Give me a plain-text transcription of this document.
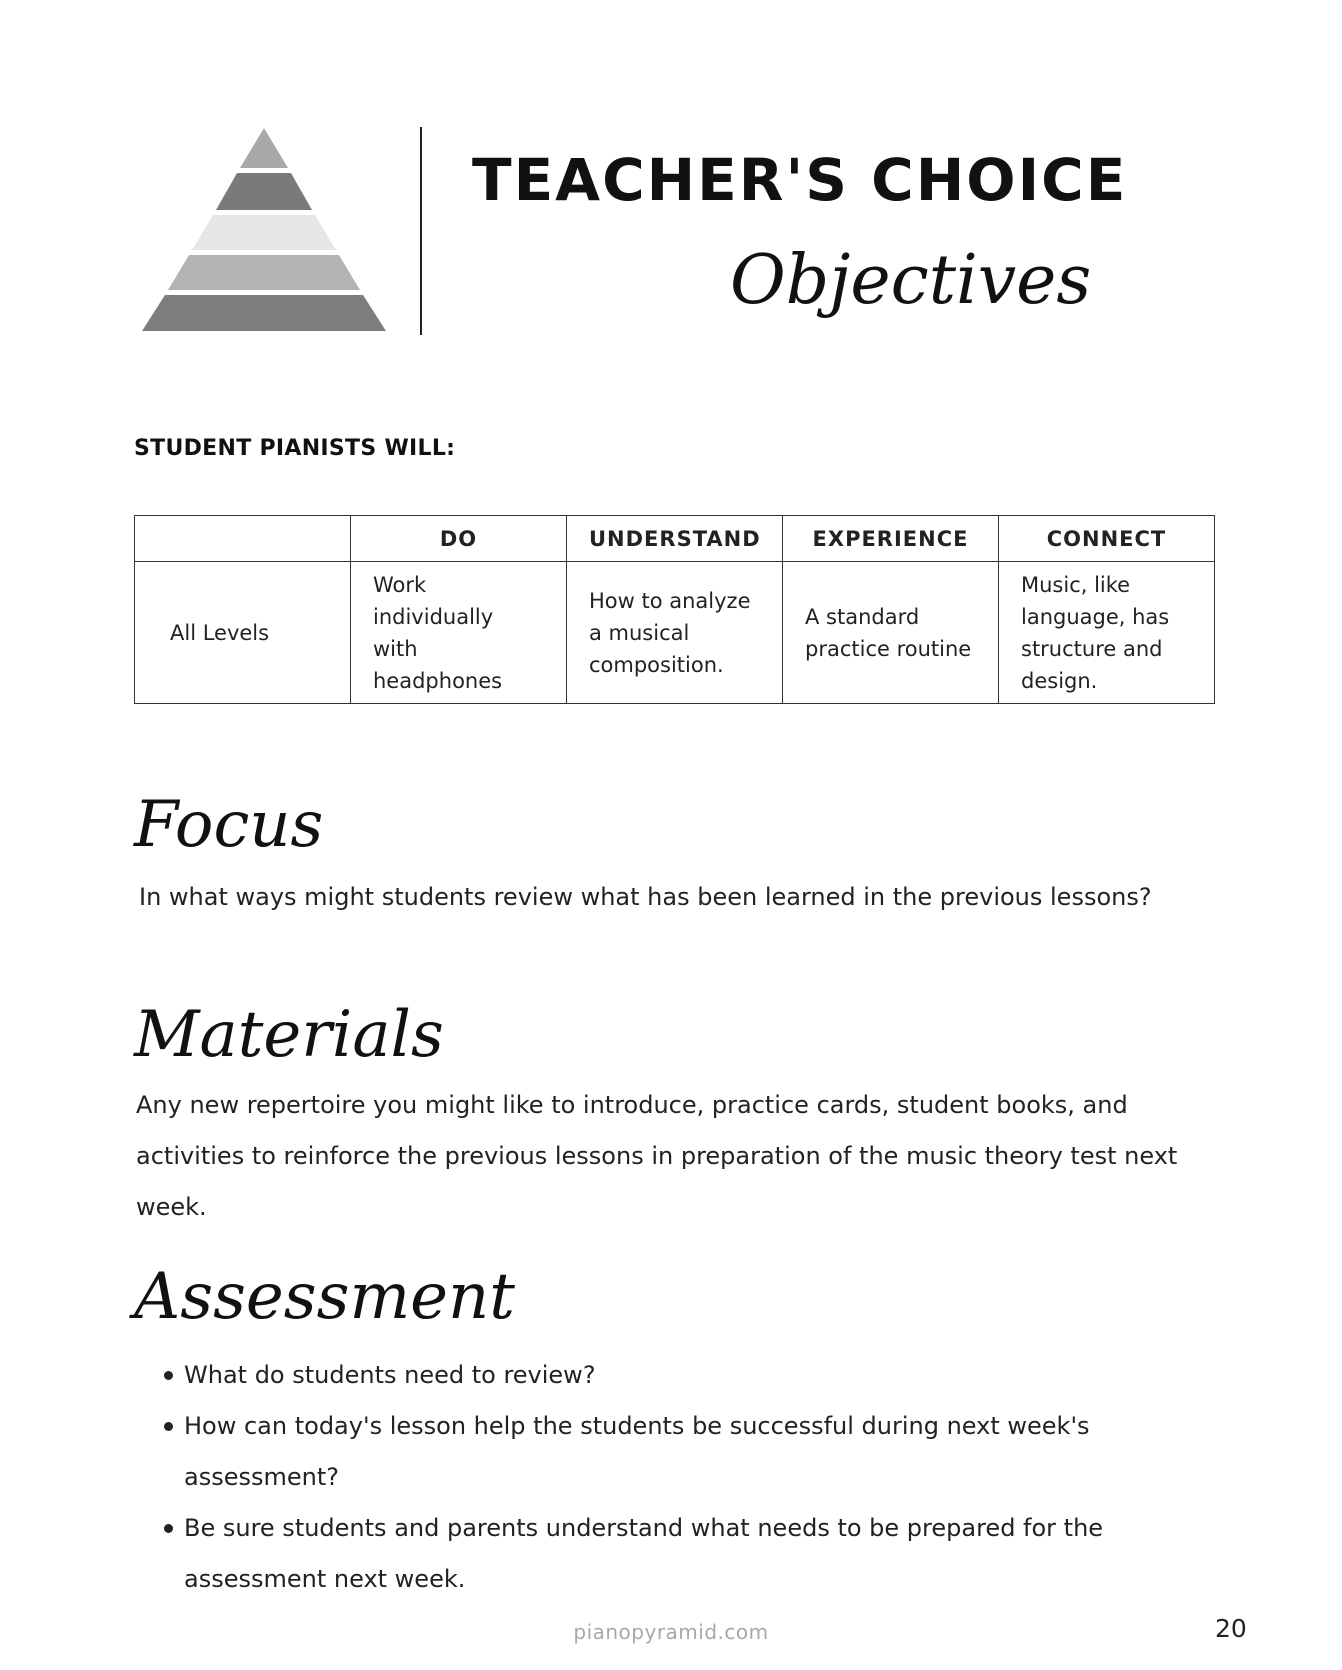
TEACHER'S CHOICE
Objectives

STUDENT PIANISTS WILL:

	DO	UNDERSTAND	EXPERIENCE	CONNECT
All Levels	Work individually with headphones	How to analyze a musical composition.	A standard practice routine	Music, like language, has structure and design.
Focus

In what ways might students review what has been learned in the previous lessons?

Materials

Any new repertoire you might like to introduce, practice cards, student books, and activities to reinforce the previous lessons in preparation of the music theory test next week.

Assessment
What do students need to review?
How can today's lesson help the students be successful during next week's assessment?
Be sure students and parents understand what needs to be prepared for the assessment next week.
pianopyramid.com	20
